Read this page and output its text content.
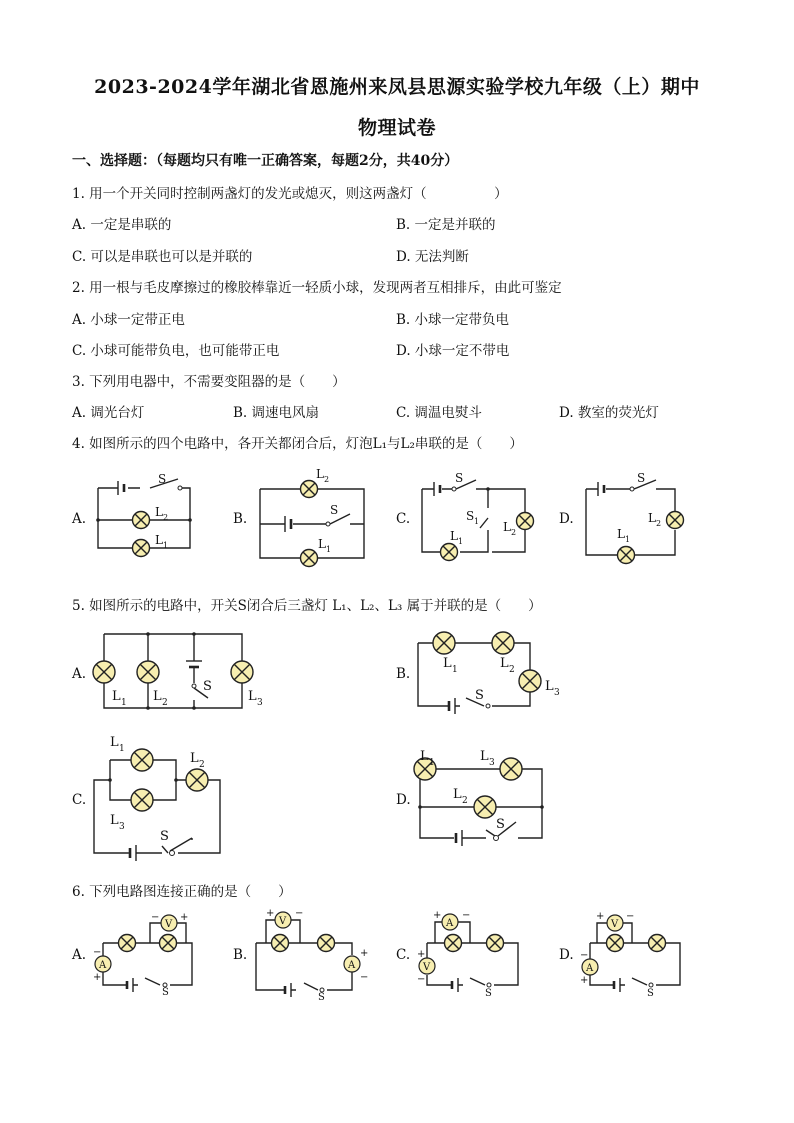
2023-2024学年湖北省恩施州来凤县思源实验学校九年级（上）期中
物理试卷
一、选择题：（每题均只有唯一正确答案，每题2分，共40分）
1. 用一个开关同时控制两盏灯的发光或熄灭，则这两盏灯（　　　　　）
A. 一定是串联的	B. 一定是并联的
C. 可以是串联也可以是并联的	D. 无法判断
2. 用一根与毛皮摩擦过的橡胶棒靠近一轻质小球，发现两者互相排斥，由此可鉴定
A. 小球一定带正电	B. 小球一定带负电
C. 小球可能带负电，也可能带正电	D. 小球一定不带电
3. 下列用电器中，不需要变阻器的是（　　）
A. 调光台灯	B. 调速电风扇	C. 调温电熨斗	D. 教室的荧光灯
4. 如图所示的四个电路中，各开关都闭合后，灯泡L₁与L₂串联的是（　　）
A.	B.	C.	D.
S
L 2
L 1
L 2
S
L 1
S
S 1
L 1
L 2
S
L 2
L 1
S
L 1 L 2	L 3
L 1	L 2
L 3
S
L 1
L 2
L 3
S
L 1	L 3
L 2
S
V
A
S
− +
−
+
V
A
S
+ −
+
−
A
V
S
+ −
+
−
V
A
S
+ −
−
+
5. 如图所示的电路中，开关S闭合后三盏灯 L₁、L₂、L₃ 属于并联的是（　　）
A.	B.
C.	D.
6. 下列电路图连接正确的是（　　）
A.	B.	C.	D.
